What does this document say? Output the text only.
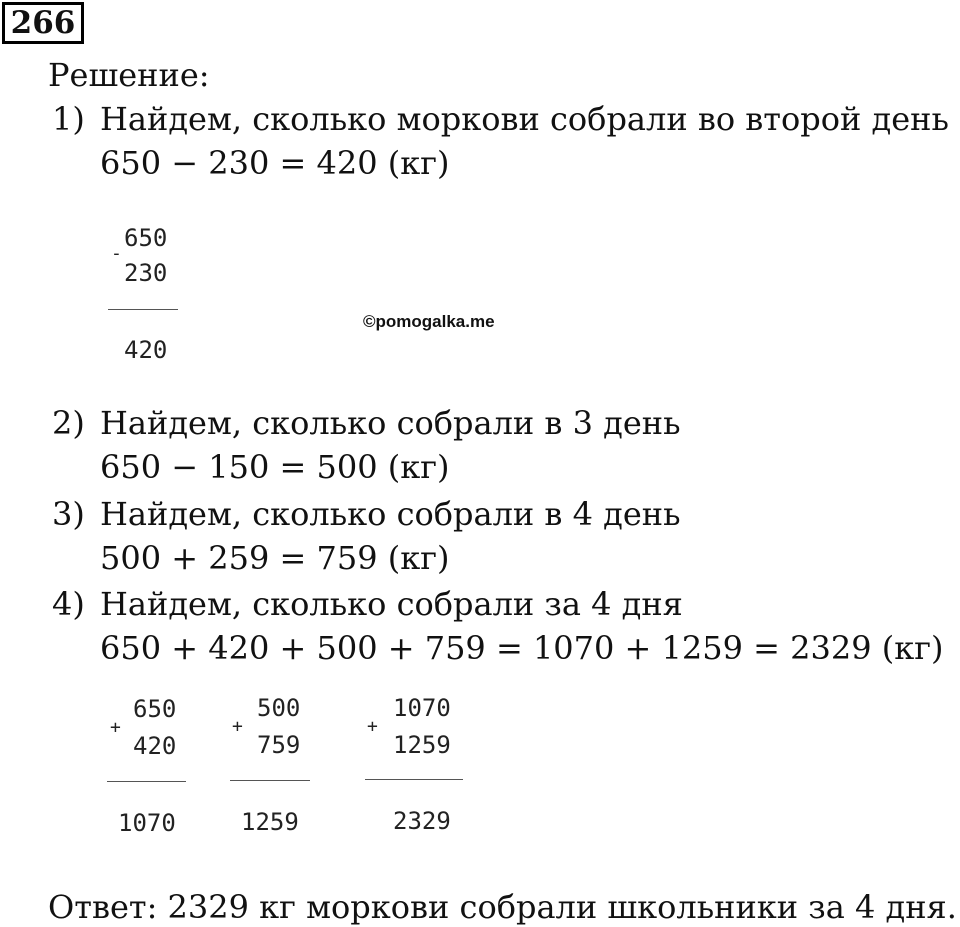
266
Решение:
1) Найдем, сколько моркови собрали во второй день
650 − 230 = 420 (кг)
650
-
230
420
©pomogalka.me
2) Найдем, сколько собрали в 3 день
650 − 150 = 500 (кг)
3) Найдем, сколько собрали в 4 день
500 + 259 = 759 (кг)
4) Найдем, сколько собрали за 4 дня
650 + 420 + 500 + 759 = 1070 + 1259 = 2329 (кг)
650
+
420
1070
500
+
759
1259
1070
+
1259
2329
Ответ: 2329 кг моркови собрали школьники за 4 дня.
